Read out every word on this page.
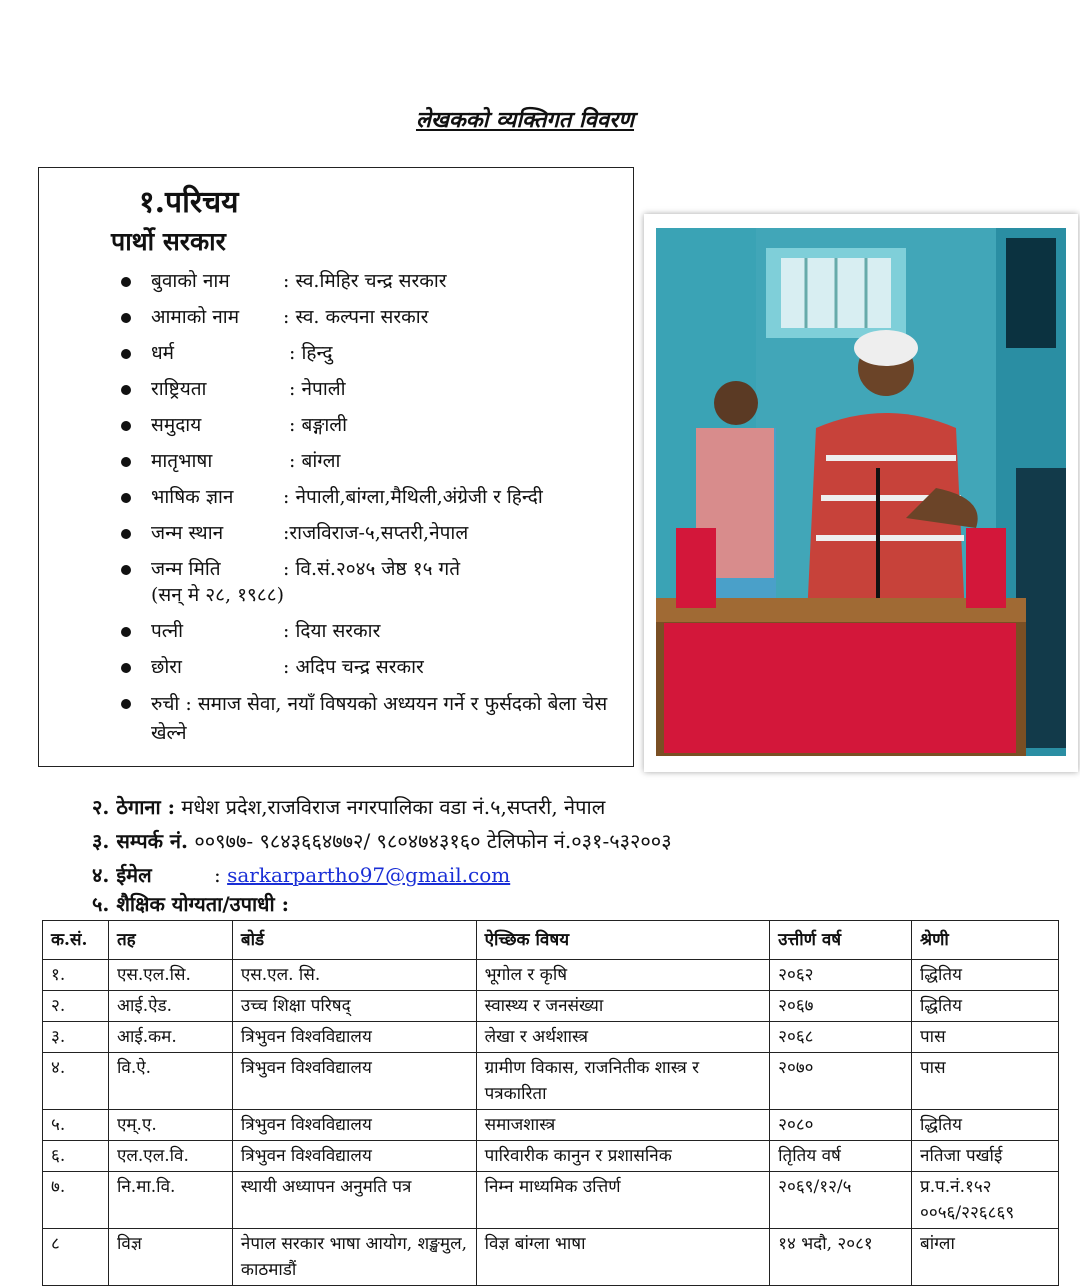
लेखकको व्यक्तिगत विवरण
१.परिचय
पार्थो सरकार
बुवाको नाम	: स्व.मिहिर चन्द्र सरकार
आमाको नाम : स्व. कल्पना सरकार
धर्म	: हिन्दु
राष्ट्रियता	: नेपाली
समुदाय	: बङ्गाली
मातृभाषा	: बांग्ला
भाषिक ज्ञान	: नेपाली,बांग्ला,मैथिली,अंग्रेजी र हिन्दी
जन्म स्थान	:राजविराज-५,सप्तरी,नेपाल
जन्म मिति	: वि.सं.२०४५ जेष्ठ १५ गते
(सन् मे २८, १९८८)
पत्नी	: दिया सरकार
छोरा	: अदिप चन्द्र सरकार
रुची : समाज सेवा, नयाँ विषयको अध्ययन गर्ने र फुर्सदको बेला चेस खेल्ने
२. ठेगाना : मधेश प्रदेश,राजविराज नगरपालिका वडा नं.५,सप्तरी, नेपाल
३. सम्पर्क नं. ००९७७- ९८४३६६४७७२/ ९८०४७४३१६० टेलिफोन नं.०३१-५३२००३
४. ईमेल	: sarkarpartho97@gmail.com
५. शैक्षिक योग्यता/उपाधी :
क.सं.	तह	बोर्ड	ऐच्छिक विषय	उत्तीर्ण वर्ष	श्रेणी
१.	एस.एल.सि.	एस.एल. सि.	भूगोल र कृषि	२०६२	द्धितिय
२.	आई.ऐड.	उच्च शिक्षा परिषद्	स्वास्थ्य र जनसंख्या	२०६७	द्धितिय
३.	आई.कम.	त्रिभुवन विश्वविद्यालय	लेखा र अर्थशास्त्र	२०६८	पास
४.	वि.ऐ.	त्रिभुवन विश्वविद्यालय	ग्रामीण विकास, राजनितीक शास्त्र र पत्रकारिता	२०७०	पास
५.	एम्.ए.	त्रिभुवन विश्वविद्यालय	समाजशास्त्र	२०८०	द्धितिय
६.	एल.एल.वि.	त्रिभुवन विश्वविद्यालय	पारिवारीक कानुन र प्रशासनिक	तृितिय वर्ष	नतिजा पर्खाई
७.	नि.मा.वि.	स्थायी अध्यापन अनुमति पत्र	निम्न माध्यमिक उत्तिर्ण	२०६९/१२/५	प्र.प.नं.१५२ ००५६/२२६८६९
८	विज्ञ	नेपाल सरकार भाषा आयोग, शङ्खमुल, काठमाडौं	विज्ञ बांग्ला भाषा	१४ भदौ, २०८१	बांग्ला
